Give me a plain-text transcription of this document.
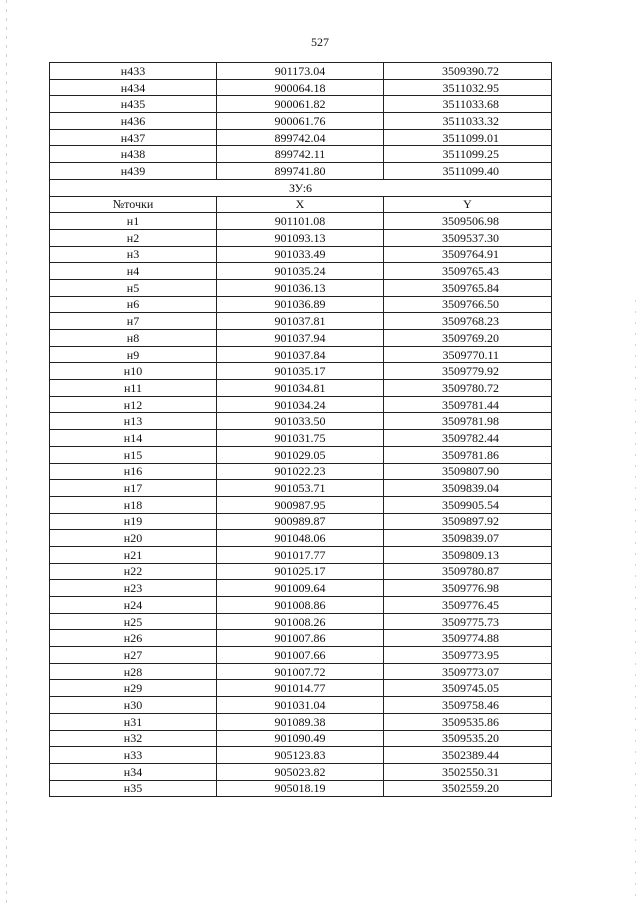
527
н433	901173.04	3509390.72
н434	900064.18	3511032.95
н435	900061.82	3511033.68
н436	900061.76	3511033.32
н437	899742.04	3511099.01
н438	899742.11	3511099.25
н439	899741.80	3511099.40
ЗУ:6		
№точки	X	Y
н1	901101.08	3509506.98
н2	901093.13	3509537.30
н3	901033.49	3509764.91
н4	901035.24	3509765.43
н5	901036.13	3509765.84
н6	901036.89	3509766.50
н7	901037.81	3509768.23
н8	901037.94	3509769.20
н9	901037.84	3509770.11
н10	901035.17	3509779.92
н11	901034.81	3509780.72
н12	901034.24	3509781.44
н13	901033.50	3509781.98
н14	901031.75	3509782.44
н15	901029.05	3509781.86
н16	901022.23	3509807.90
н17	901053.71	3509839.04
н18	900987.95	3509905.54
н19	900989.87	3509897.92
н20	901048.06	3509839.07
н21	901017.77	3509809.13
н22	901025.17	3509780.87
н23	901009.64	3509776.98
н24	901008.86	3509776.45
н25	901008.26	3509775.73
н26	901007.86	3509774.88
н27	901007.66	3509773.95
н28	901007.72	3509773.07
н29	901014.77	3509745.05
н30	901031.04	3509758.46
н31	901089.38	3509535.86
н32	901090.49	3509535.20
н33	905123.83	3502389.44
н34	905023.82	3502550.31
н35	905018.19	3502559.20
